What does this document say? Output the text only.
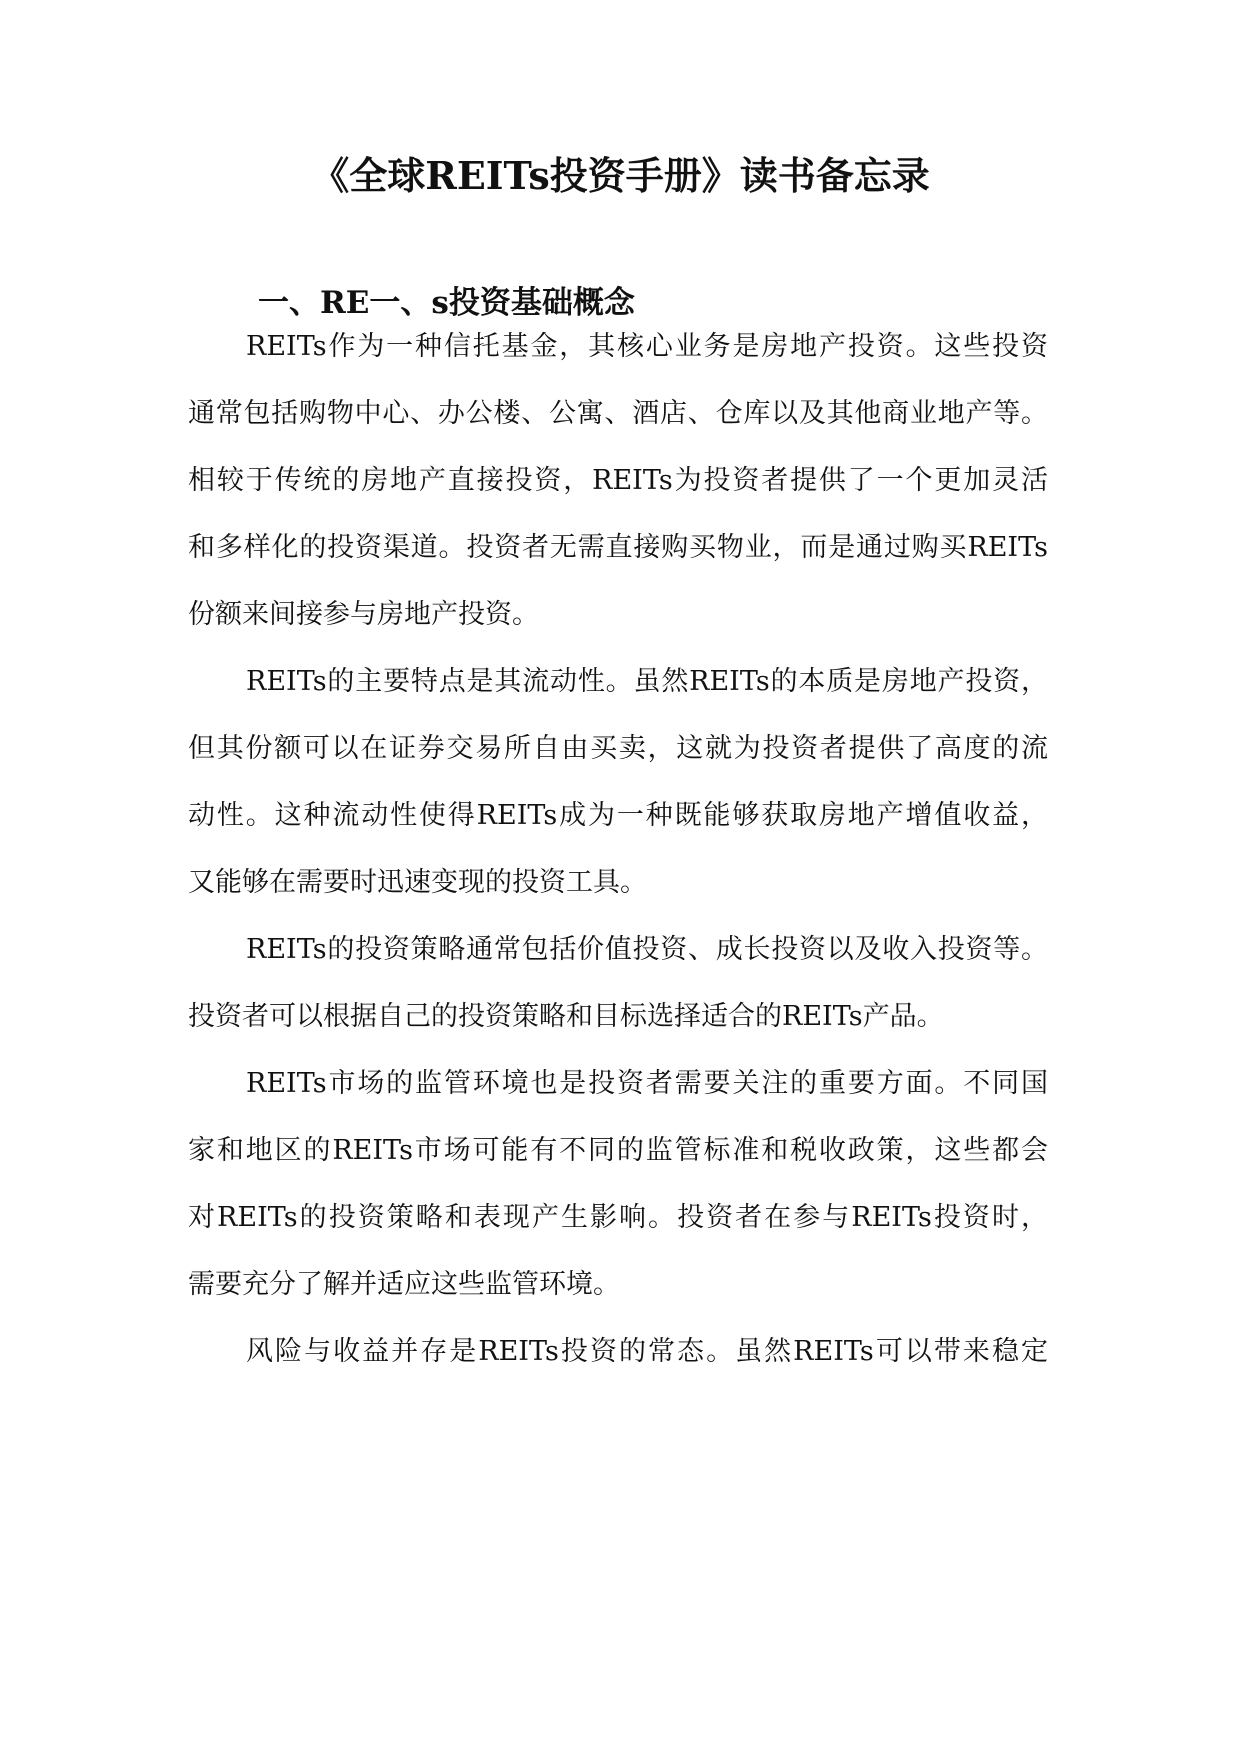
《全球REITs投资手册》读书备忘录
一、RE一、s投资基础概念

REITs作为一种信托基金，其核心业务是房地产投资。这些投资

通常包括购物中心、办公楼、公寓、酒店、仓库以及其他商业地产等。

相较于传统的房地产直接投资，REITs为投资者提供了一个更加灵活

和多样化的投资渠道。投资者无需直接购买物业，而是通过购买REITs

份额来间接参与房地产投资。

REITs的主要特点是其流动性。虽然REITs的本质是房地产投资，

但其份额可以在证券交易所自由买卖，这就为投资者提供了高度的流

动性。这种流动性使得REITs成为一种既能够获取房地产增值收益，

又能够在需要时迅速变现的投资工具。

REITs的投资策略通常包括价值投资、成长投资以及收入投资等。

投资者可以根据自己的投资策略和目标选择适合的REITs产品。

REITs市场的监管环境也是投资者需要关注的重要方面。不同国

家和地区的REITs市场可能有不同的监管标准和税收政策，这些都会

对REITs的投资策略和表现产生影响。投资者在参与REITs投资时，

需要充分了解并适应这些监管环境。

风险与收益并存是REITs投资的常态。虽然REITs可以带来稳定
